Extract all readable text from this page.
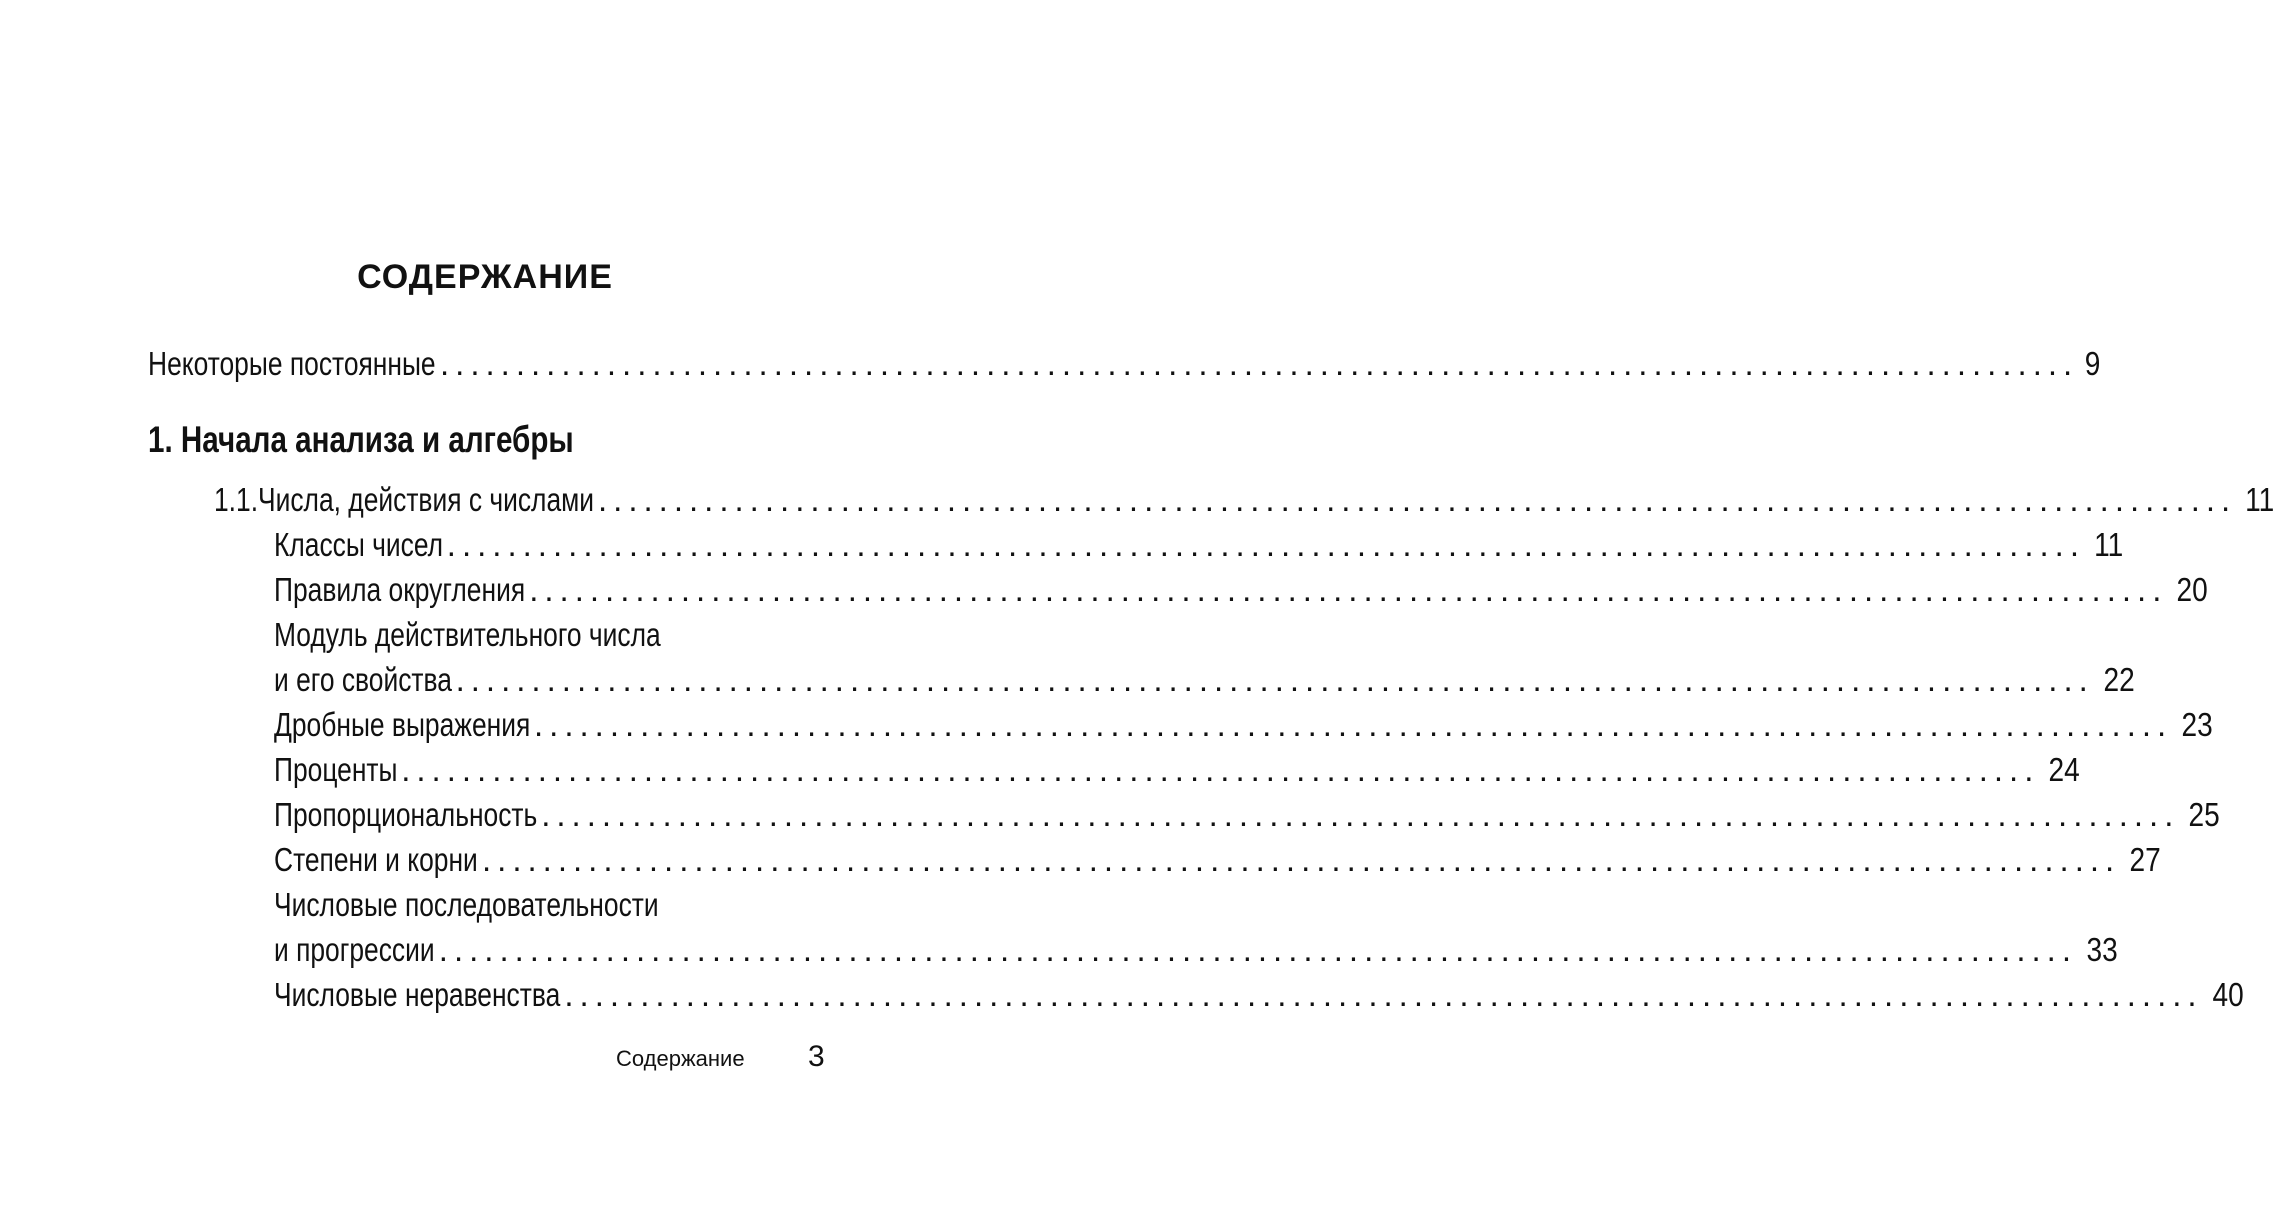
СОДЕРЖАНИЕ
Некоторые постоянные ............................................................................................................ 9
1. Начала анализа и алгебры
1.1. Числа, действия с числами ............................................................................................................ 11
Классы чисел ............................................................................................................ 11
Правила округления ............................................................................................................ 20
Модуль действительного числа
и его свойства ............................................................................................................ 22
Дробные выражения ............................................................................................................ 23
Проценты ............................................................................................................ 24
Пропорциональность ............................................................................................................ 25
Степени и корни ............................................................................................................ 27
Числовые последовательности
и прогрессии ............................................................................................................ 33
Числовые неравенства ............................................................................................................ 40
Содержание 3
